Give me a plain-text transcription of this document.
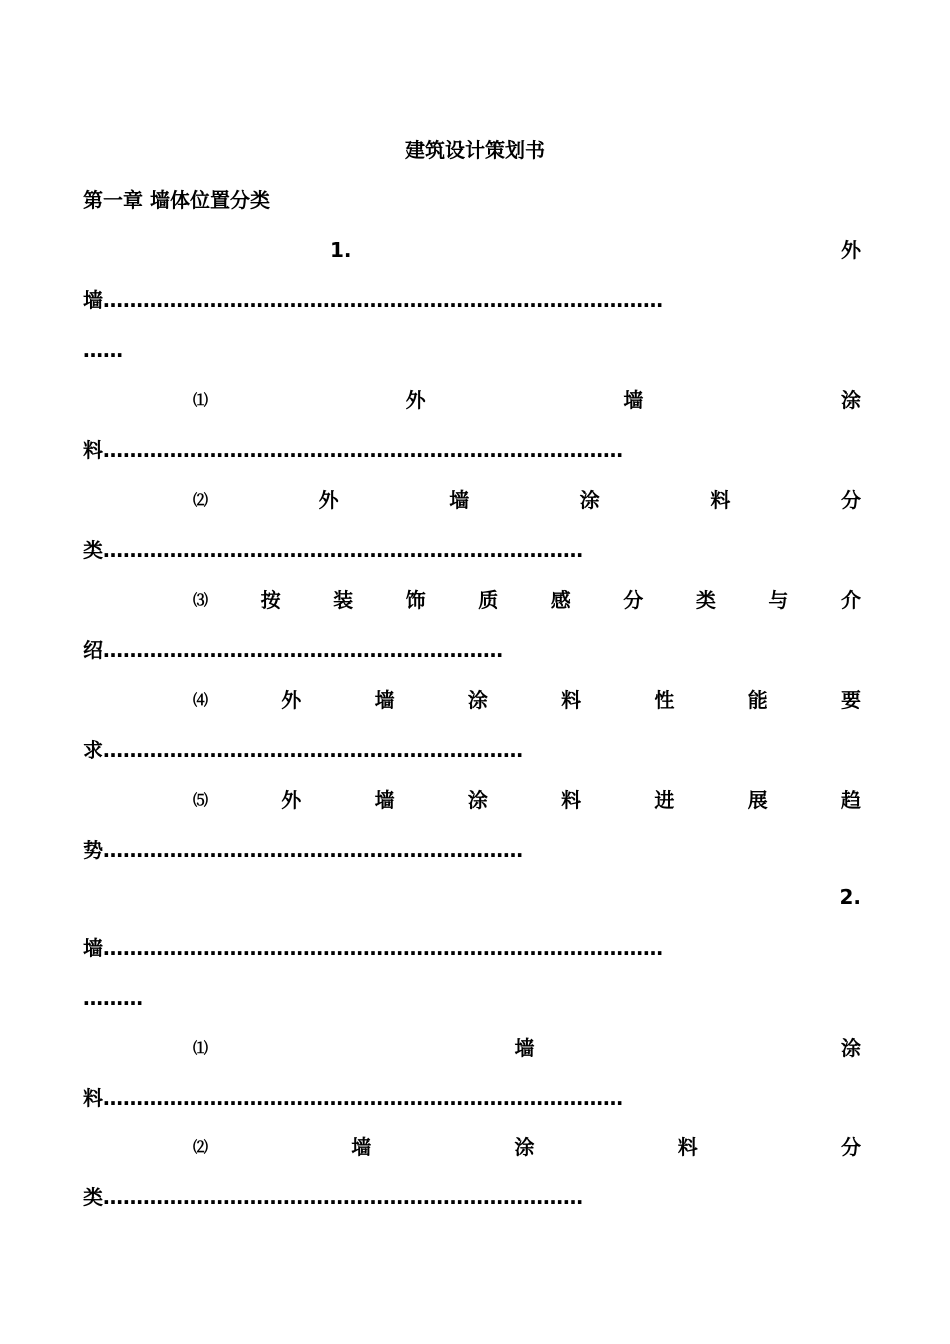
建筑设计策划书
第一章 墙体位置分类
1.	外
墙…………………………………………………………………………
……
⑴	外	墙	涂
料……………………………………………………………………
⑵	外	墙	涂	料	分
类………………………………………………………………
⑶	按	装	饰	质	感	分	类	与	介
绍……………………………………………………
⑷	外	墙	涂	料	性	能	要
求………………………………………………………
⑸	外	墙	涂	料	进	展	趋
势………………………………………………………
2.
墙…………………………………………………………………………
………
⑴	墙	涂
料……………………………………………………………………
⑵	墙	涂	料	分
类………………………………………………………………
